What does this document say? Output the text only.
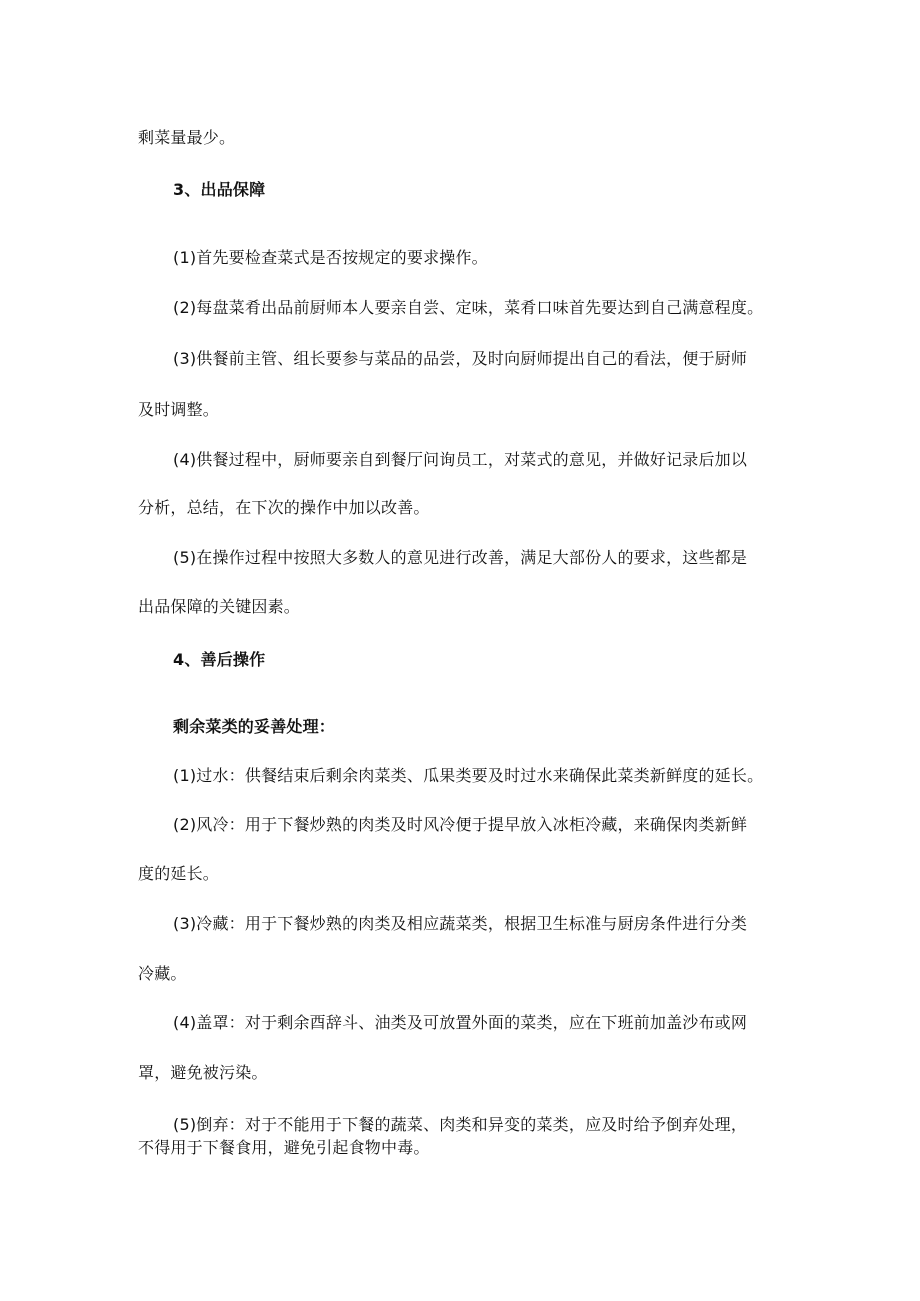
剩菜量最少。
3、出品保障
(1)首先要检查菜式是否按规定的要求操作。
(2)每盘菜肴出品前厨师本人要亲自尝、定味，菜肴口味首先要达到自己满意程度。
(3)供餐前主管、组长要参与菜品的品尝，及时向厨师提出自己的看法，便于厨师
及时调整。
(4)供餐过程中，厨师要亲自到餐厅问询员工，对菜式的意见，并做好记录后加以
分析，总结，在下次的操作中加以改善。
(5)在操作过程中按照大多数人的意见进行改善，满足大部份人的要求，这些都是
出品保障的关键因素。
4、善后操作
剩余菜类的妥善处理：
(1)过水：供餐结束后剩余肉菜类、瓜果类要及时过水来确保此菜类新鲜度的延长。
(2)风冷：用于下餐炒熟的肉类及时风冷便于提早放入冰柜冷藏，来确保肉类新鲜
度的延长。
(3)冷藏：用于下餐炒熟的肉类及相应蔬菜类，根据卫生标准与厨房条件进行分类
冷藏。
(4)盖罩：对于剩余酉辞斗、油类及可放置外面的菜类，应在下班前加盖沙布或网
罩，避免被污染。
(5)倒弃：对于不能用于下餐的蔬菜、肉类和异变的菜类，应及时给予倒弃处理，
不得用于下餐食用，避免引起食物中毒。
